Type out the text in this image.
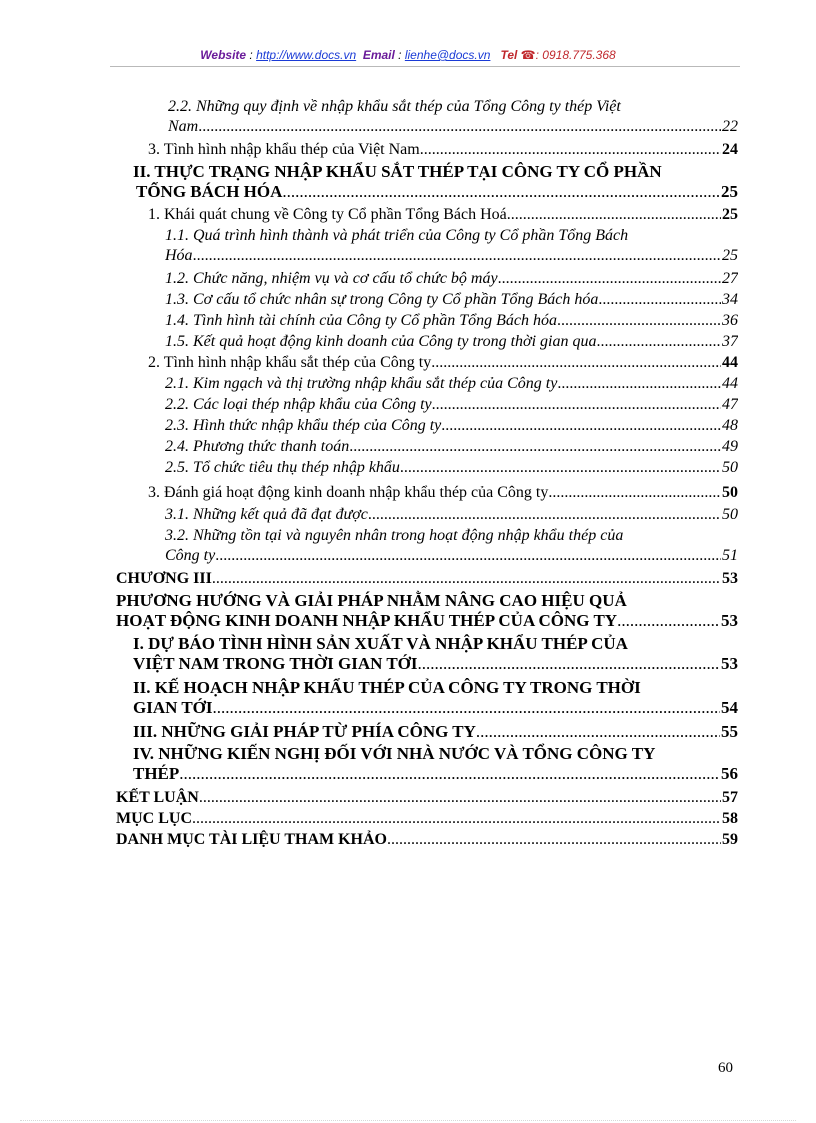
Website : http://www.docs.vn Email : lienhe@docs.vn Tel ☎: 0918.775.368
2.2. Những quy định về nhập khẩu sắt thép của Tổng Công ty thép Việt
Nam .....	22
3. Tình hình nhập khẩu thép của Việt Nam .....	24
II. THỰC TRẠNG NHẬP KHẨU SẮT THÉP TẠI CÔNG TY CỔ PHẦN
TỔNG BÁCH HÓA .....	25
1. Khái quát chung về Công ty Cổ phần Tổng Bách Hoá .....	25
1.1. Quá trình hình thành và phát triển của Công ty Cổ phần Tổng Bách
Hóa .....	25
1.2. Chức năng, nhiệm vụ và cơ cấu tổ chức bộ máy .....	27
1.3. Cơ cấu tổ chức nhân sự trong Công ty Cổ phần Tổng Bách hóa .....	34
1.4. Tình hình tài chính của Công ty Cổ phần Tổng Bách hóa .....	36
1.5. Kết quả hoạt động kinh doanh của Công ty trong thời gian qua .....	37
2. Tình hình nhập khẩu sắt thép của Công ty .....	44
2.1. Kim ngạch và thị trường nhập khẩu sắt thép của Công ty .....	44
2.2. Các loại thép nhập khẩu của Công ty .....	47
2.3. Hình thức nhập khẩu thép của Công ty .....	48
2.4. Phương thức thanh toán .....	49
2.5. Tổ chức tiêu thụ thép nhập khẩu .....	50
3. Đánh giá hoạt động kinh doanh nhập khẩu thép của Công ty .....	50
3.1. Những kết quả đã đạt được .....	50
3.2. Những tồn tại và nguyên nhân trong hoạt động nhập khẩu thép của
Công ty .....	51
CHƯƠNG III .....	53
PHƯƠNG HƯỚNG VÀ GIẢI PHÁP NHẰM NÂNG CAO HIỆU QUẢ
HOẠT ĐỘNG KINH DOANH NHẬP KHẨU THÉP CỦA CÔNG TY .....	53
I. DỰ BÁO TÌNH HÌNH SẢN XUẤT VÀ NHẬP KHẨU THÉP CỦA
VIỆT NAM TRONG THỜI GIAN TỚI .....	53
II. KẾ HOẠCH NHẬP KHẨU THÉP CỦA CÔNG TY TRONG THỜI
GIAN TỚI .....	54
III. NHỮNG GIẢI PHÁP TỪ PHÍA CÔNG TY .....	55
IV. NHỮNG KIẾN NGHỊ ĐỐI VỚI NHÀ NƯỚC VÀ TỔNG CÔNG TY
THÉP .....	56
KẾT LUẬN .....	57
MỤC LỤC .....	58
DANH MỤC TÀI LIỆU THAM KHẢO .....	59
60
